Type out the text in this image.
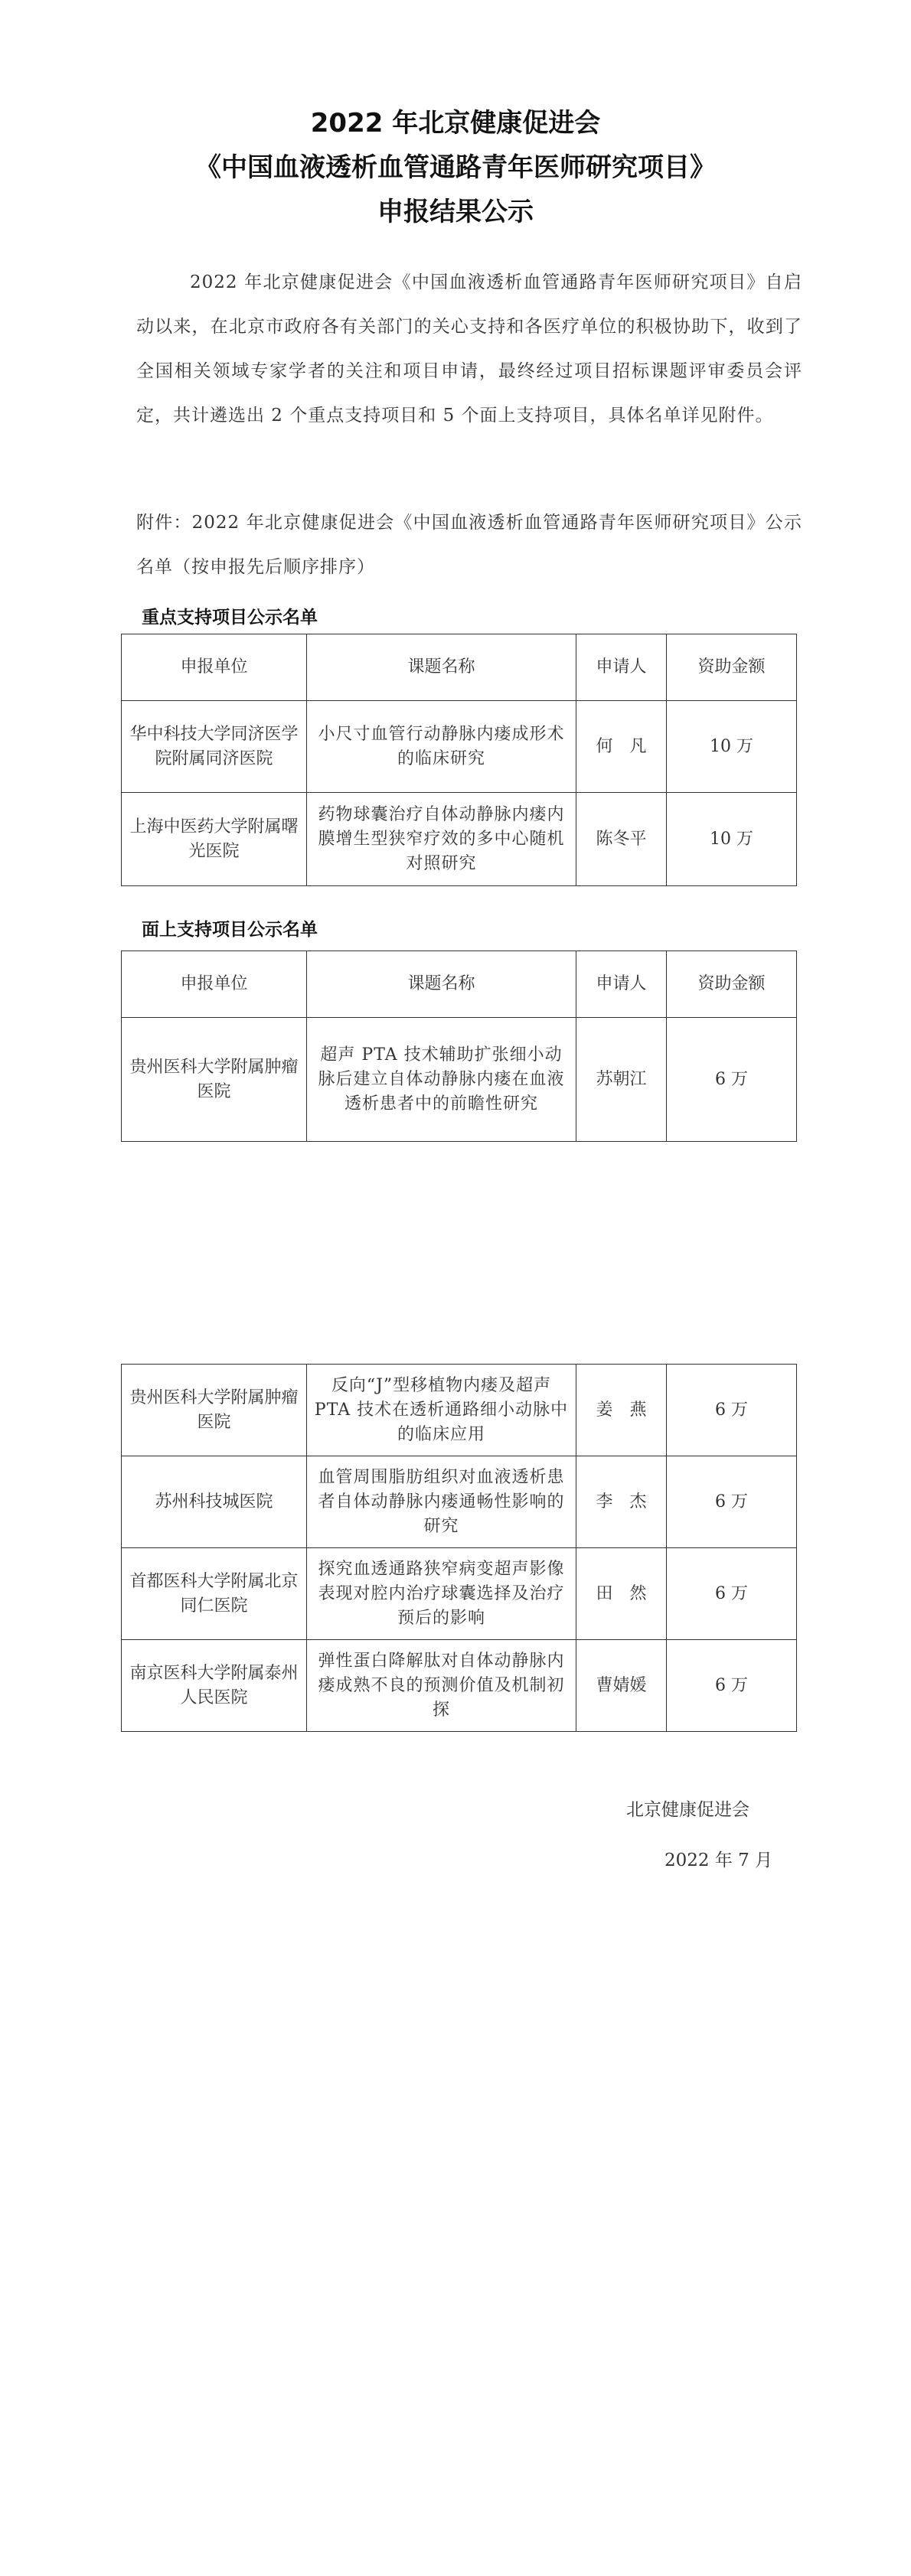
2022 年北京健康促进会
《中国血液透析血管通路青年医师研究项目》
申报结果公示
2022 年北京健康促进会《中国血液透析血管通路青年医师研究项目》自启动以来，在北京市政府各有关部门的关心支持和各医疗单位的积极协助下，收到了全国相关领域专家学者的关注和项目申请，最终经过项目招标课题评审委员会评定，共计遴选出 2 个重点支持项目和 5 个面上支持项目，具体名单详见附件。
附件：2022 年北京健康促进会《中国血液透析血管通路青年医师研究项目》公示名单（按申报先后顺序排序）
重点支持项目公示名单
申报单位	课题名称	申请人	资助金额
华中科技大学同济医学院附属同济医院	小尺寸血管行动静脉内瘘成形术的临床研究	何　凡	10 万
上海中医药大学附属曙光医院	药物球囊治疗自体动静脉内瘘内膜增生型狭窄疗效的多中心随机对照研究	陈冬平	10 万
面上支持项目公示名单
申报单位	课题名称	申请人	资助金额
贵州医科大学附属肿瘤医院	超声 PTA 技术辅助扩张细小动脉后建立自体动静脉内瘘在血液透析患者中的前瞻性研究	苏朝江	6 万
贵州医科大学附属肿瘤医院	反向“J”型移植物内瘘及超声 PTA 技术在透析通路细小动脉中的临床应用	姜　燕	6 万
苏州科技城医院	血管周围脂肪组织对血液透析患者自体动静脉内瘘通畅性影响的研究	李　杰	6 万
首都医科大学附属北京同仁医院	探究血透通路狭窄病变超声影像表现对腔内治疗球囊选择及治疗预后的影响	田　然	6 万
南京医科大学附属泰州人民医院	弹性蛋白降解肽对自体动静脉内瘘成熟不良的预测价值及机制初探	曹婧媛	6 万
北京健康促进会
2022 年 7 月
